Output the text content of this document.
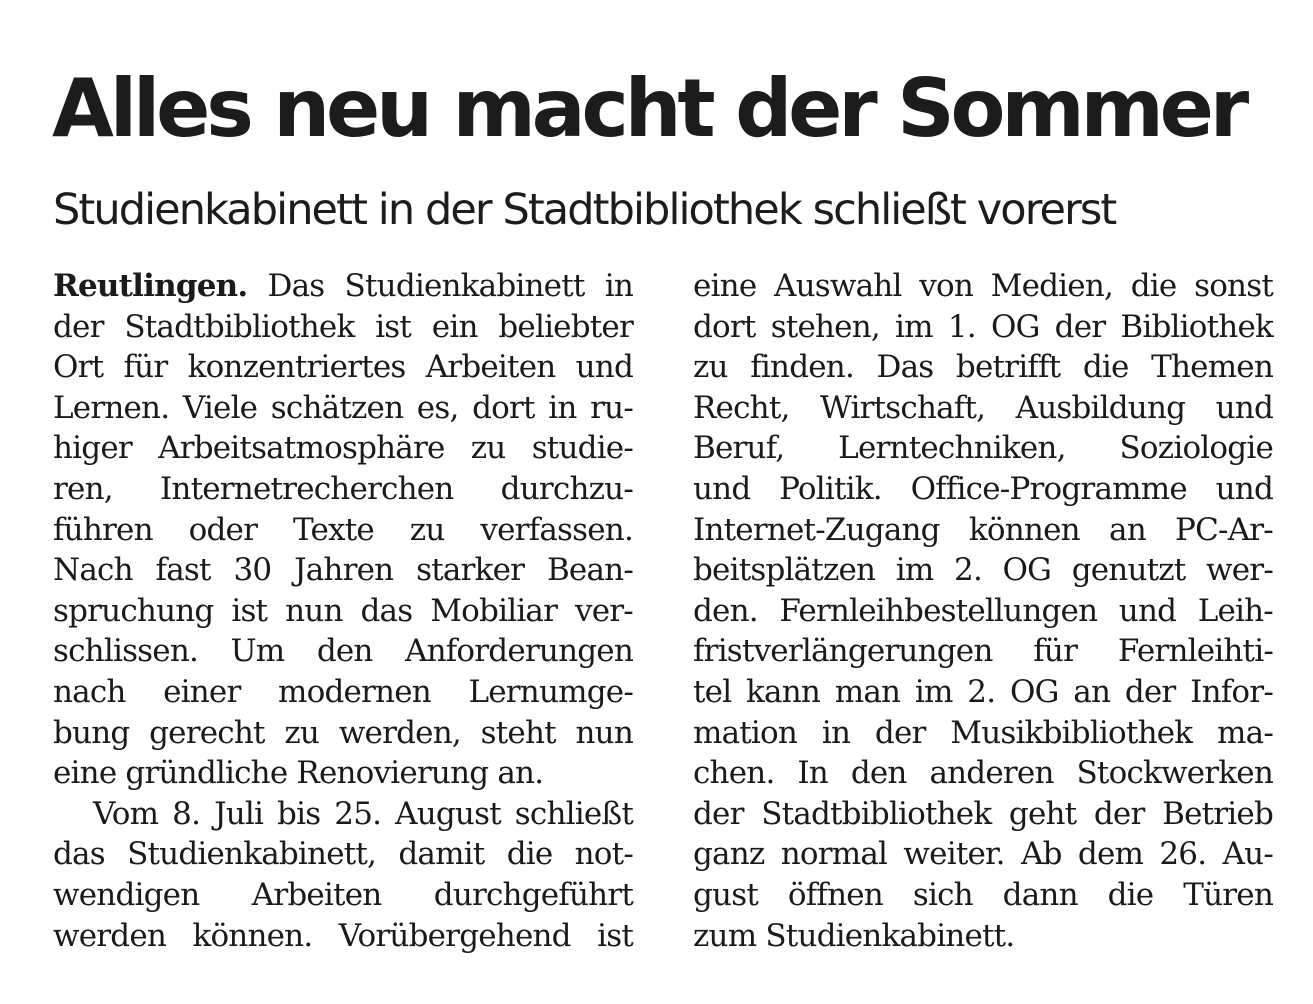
Alles neu macht der Sommer
Studienkabinett in der Stadtbibliothek schließt vorerst
Reutlingen. Das Studienkabinett in
der Stadtbibliothek ist ein beliebter
Ort für konzentriertes Arbeiten und
Lernen. Viele schätzen es, dort in ru-
higer Arbeitsatmosphäre zu studie-
ren, Internetrecherchen durchzu-
führen oder Texte zu verfassen.
Nach fast 30 Jahren starker Bean-
spruchung ist nun das Mobiliar ver-
schlissen. Um den Anforderungen
nach einer modernen Lernumge-
bung gerecht zu werden, steht nun
eine gründliche Renovierung an.
Vom 8. Juli bis 25. August schließt
das Studienkabinett, damit die not-
wendigen Arbeiten durchgeführt
werden können. Vorübergehend ist
eine Auswahl von Medien, die sonst
dort stehen, im 1. OG der Bibliothek
zu finden. Das betrifft die Themen
Recht, Wirtschaft, Ausbildung und
Beruf, Lerntechniken, Soziologie
und Politik. Office-Programme und
Internet-Zugang können an PC-Ar-
beitsplätzen im 2. OG genutzt wer-
den. Fernleihbestellungen und Leih-
fristverlängerungen für Fernleihti-
tel kann man im 2. OG an der Infor-
mation in der Musikbibliothek ma-
chen. In den anderen Stockwerken
der Stadtbibliothek geht der Betrieb
ganz normal weiter. Ab dem 26. Au-
gust öffnen sich dann die Türen
zum Studienkabinett.
